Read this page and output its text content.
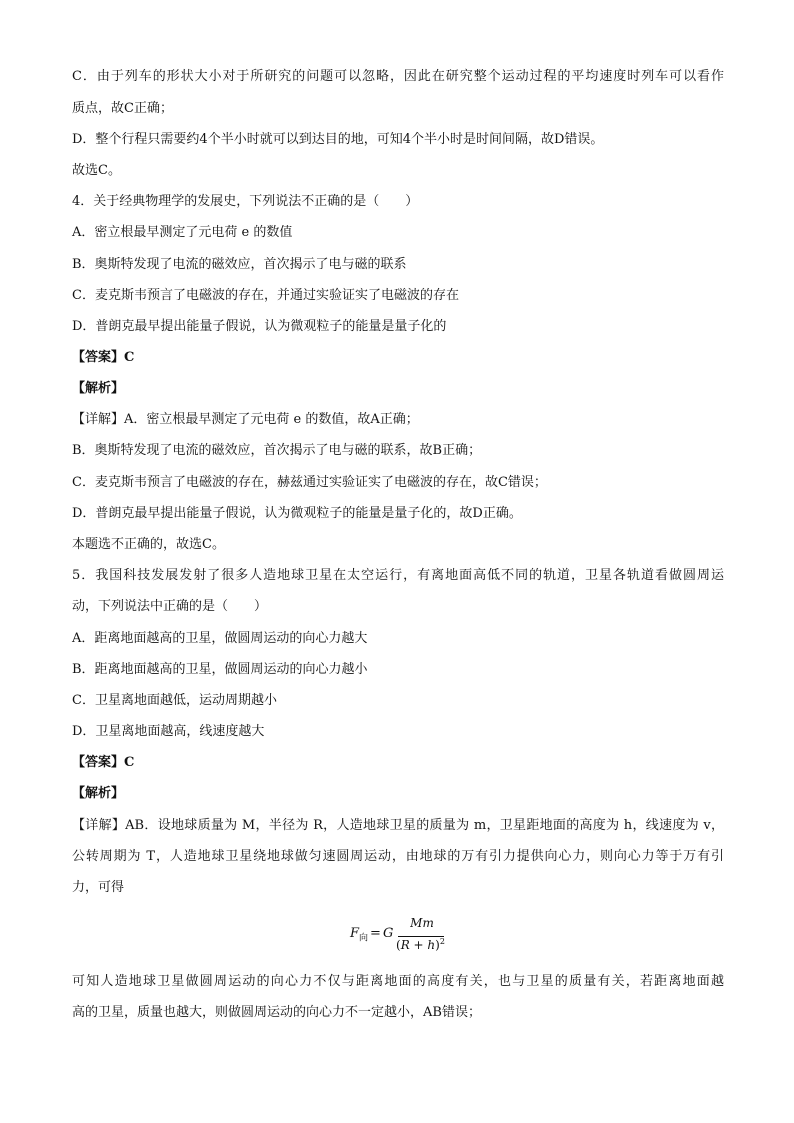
C．由于列车的形状大小对于所研究的问题可以忽略，因此在研究整个运动过程的平均速度时列车可以看作
质点，故C正确；
D．整个行程只需要约4个半小时就可以到达目的地，可知4个半小时是时间间隔，故D错误。
故选C。
4．关于经典物理学的发展史，下列说法不正确的是（　　）
A．密立根最早测定了元电荷 e 的数值
B．奥斯特发现了电流的磁效应，首次揭示了电与磁的联系
C．麦克斯韦预言了电磁波的存在，并通过实验证实了电磁波的存在
D．普朗克最早提出能量子假说，认为微观粒子的能量是量子化的
【答案】C
【解析】
【详解】A．密立根最早测定了元电荷 e 的数值，故A正确；
B．奥斯特发现了电流的磁效应，首次揭示了电与磁的联系，故B正确；
C．麦克斯韦预言了电磁波的存在，赫兹通过实验证实了电磁波的存在，故C错误；
D．普朗克最早提出能量子假说，认为微观粒子的能量是量子化的，故D正确。
本题选不正确的，故选C。
5．我国科技发展发射了很多人造地球卫星在太空运行，有离地面高低不同的轨道，卫星各轨道看做圆周运
动，下列说法中正确的是（　　）
A．距离地面越高的卫星，做圆周运动的向心力越大
B．距离地面越高的卫星，做圆周运动的向心力越小
C．卫星离地面越低，运动周期越小
D．卫星离地面越高，线速度越大
【答案】C
【解析】
【详解】AB．设地球质量为 M，半径为 R，人造地球卫星的质量为 m，卫星距地面的高度为 h，线速度为 v，
公转周期为 T，人造地球卫星绕地球做匀速圆周运动，由地球的万有引力提供向心力，则向心力等于万有引
力，可得
$F_向 = G$
Mm
$(R + h)^2$
可知人造地球卫星做圆周运动的向心力不仅与距离地面的高度有关，也与卫星的质量有关，若距离地面越
高的卫星，质量也越大，则做圆周运动的向心力不一定越小，AB错误；
